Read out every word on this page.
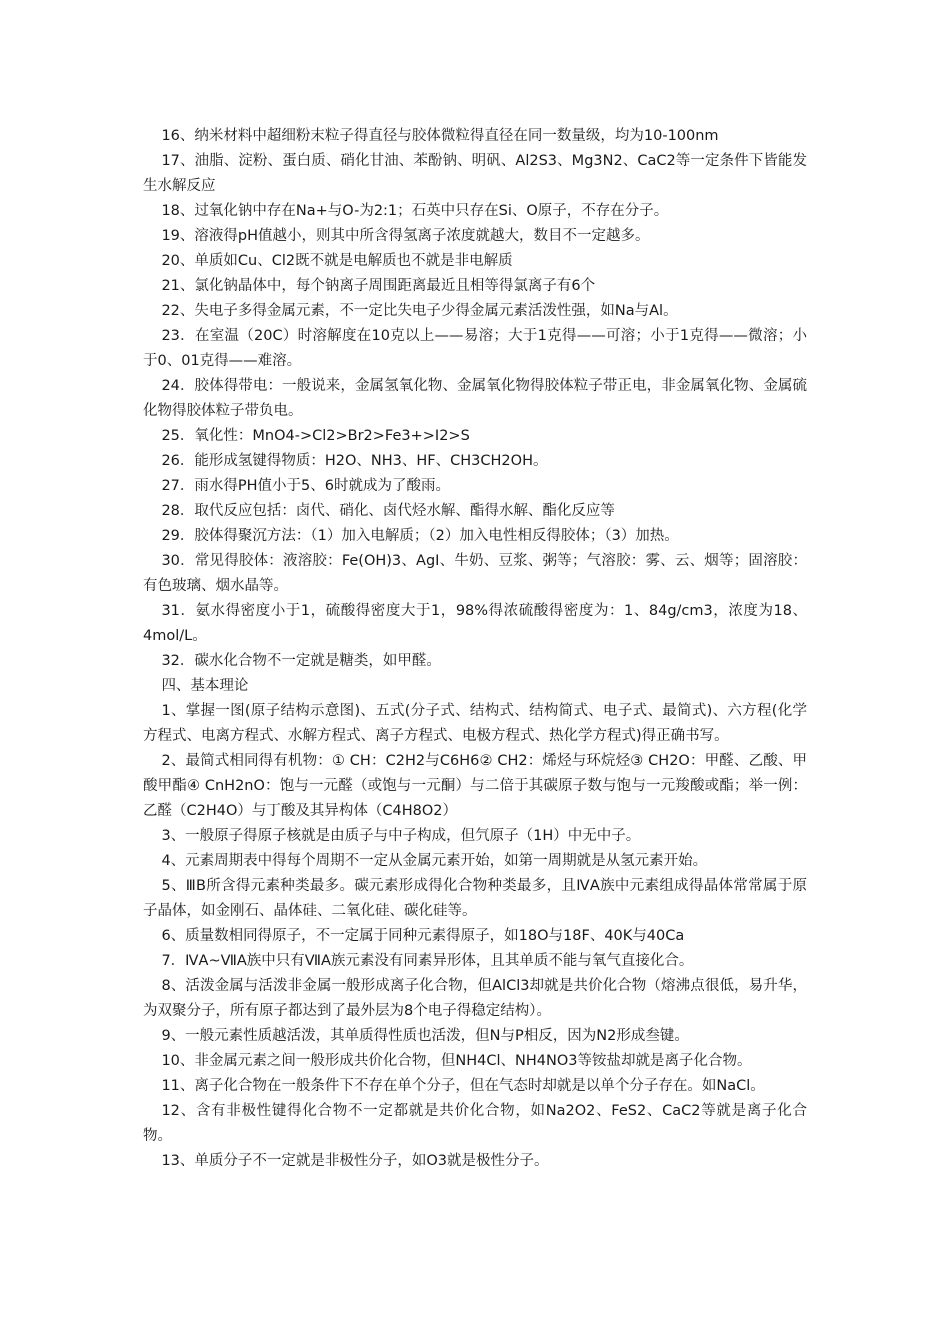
16、纳米材料中超细粉末粒子得直径与胶体微粒得直径在同一数量级，均为10-100nm

17、油脂、淀粉、蛋白质、硝化甘油、苯酚钠、明矾、Al2S3、Mg3N2、CaC2等一定条件下皆能发生水解反应

18、过氧化钠中存在Na+与O-为2:1；石英中只存在Si、O原子，不存在分子。

19、溶液得pH值越小，则其中所含得氢离子浓度就越大，数目不一定越多。

20、单质如Cu、Cl2既不就是电解质也不就是非电解质

21、氯化钠晶体中，每个钠离子周围距离最近且相等得氯离子有6个

22、失电子多得金属元素，不一定比失电子少得金属元素活泼性强，如Na与Al。

23．在室温（20C）时溶解度在10克以上——易溶；大于1克得——可溶；小于1克得——微溶；小于0、01克得——难溶。

24．胶体得带电：一般说来，金属氢氧化物、金属氧化物得胶体粒子带正电，非金属氧化物、金属硫化物得胶体粒子带负电。

25．氧化性：MnO4->Cl2>Br2>Fe3+>I2>S

26．能形成氢键得物质：H2O、NH3、HF、CH3CH2OH。

27．雨水得PH值小于5、6时就成为了酸雨。

28．取代反应包括：卤代、硝化、卤代烃水解、酯得水解、酯化反应等

29．胶体得聚沉方法：（1）加入电解质；（2）加入电性相反得胶体；（3）加热。

30．常见得胶体：液溶胶：Fe(OH)3、AgI、牛奶、豆浆、粥等；气溶胶：雾、云、烟等；固溶胶：有色玻璃、烟水晶等。

31．氨水得密度小于1，硫酸得密度大于1，98%得浓硫酸得密度为：1、84g/cm3，浓度为18、4mol/L。

32．碳水化合物不一定就是糖类，如甲醛。

四、基本理论

1、掌握一图(原子结构示意图)、五式(分子式、结构式、结构简式、电子式、最简式)、六方程(化学方程式、电离方程式、水解方程式、离子方程式、电极方程式、热化学方程式)得正确书写。

2、最简式相同得有机物：① CH：C2H2与C6H6② CH2：烯烃与环烷烃③ CH2O：甲醛、乙酸、甲酸甲酯④ CnH2nO：饱与一元醛（或饱与一元酮）与二倍于其碳原子数与饱与一元羧酸或酯；举一例：乙醛（C2H4O）与丁酸及其异构体（C4H8O2）

3、一般原子得原子核就是由质子与中子构成，但氕原子（1H）中无中子。

4、元素周期表中得每个周期不一定从金属元素开始，如第一周期就是从氢元素开始。

5、ⅢB所含得元素种类最多。碳元素形成得化合物种类最多，且ⅣA族中元素组成得晶体常常属于原子晶体，如金刚石、晶体硅、二氧化硅、碳化硅等。

6、质量数相同得原子，不一定属于同种元素得原子，如18O与18F、40K与40Ca

7．ⅣA~ⅦA族中只有ⅦA族元素没有同素异形体，且其单质不能与氧气直接化合。

8、活泼金属与活泼非金属一般形成离子化合物，但AlCl3却就是共价化合物（熔沸点很低，易升华，为双聚分子，所有原子都达到了最外层为8个电子得稳定结构）。

9、一般元素性质越活泼，其单质得性质也活泼，但N与P相反，因为N2形成叁键。

10、非金属元素之间一般形成共价化合物，但NH4Cl、NH4NO3等铵盐却就是离子化合物。

11、离子化合物在一般条件下不存在单个分子，但在气态时却就是以单个分子存在。如NaCl。

12、含有非极性键得化合物不一定都就是共价化合物，如Na2O2、FeS2、CaC2等就是离子化合物。

13、单质分子不一定就是非极性分子，如O3就是极性分子。
